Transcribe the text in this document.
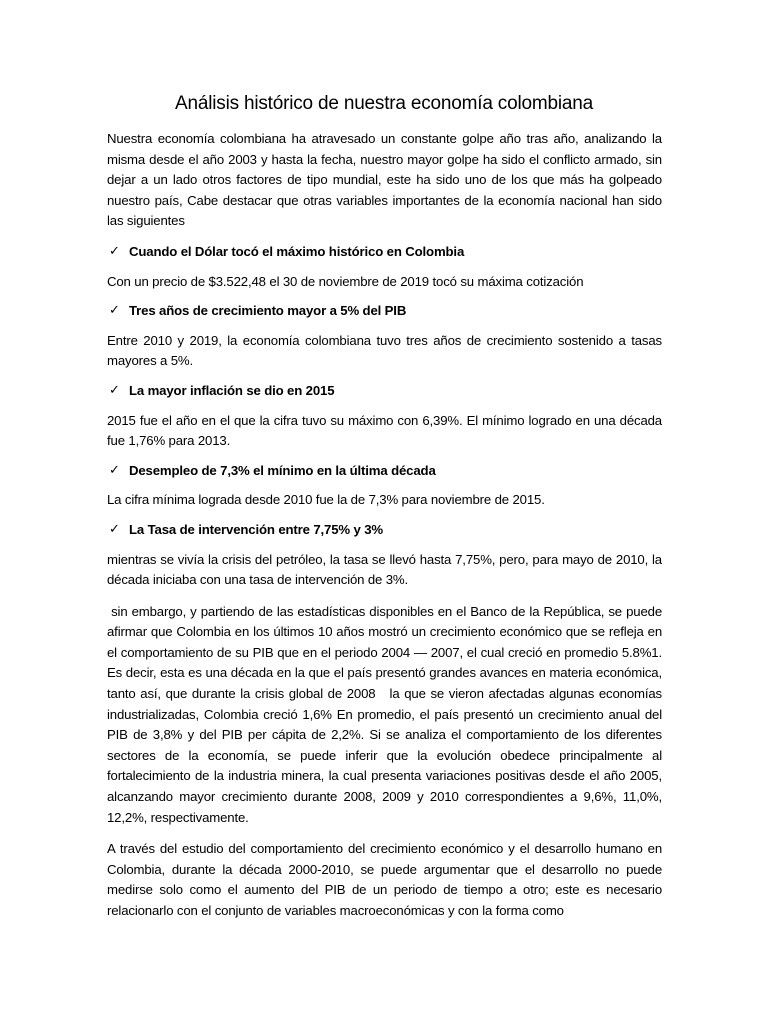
Análisis histórico de nuestra economía colombiana

Nuestra economía colombiana ha atravesado un constante golpe año tras año, analizando la misma desde el año 2003 y hasta la fecha, nuestro mayor golpe ha sido el conflicto armado, sin dejar a un lado otros factores de tipo mundial, este ha sido uno de los que más ha golpeado nuestro país, Cabe destacar que otras variables importantes de la economía nacional han sido las siguientes

✓ Cuando el Dólar tocó el máximo histórico en Colombia

Con un precio de $3.522,48 el 30 de noviembre de 2019 tocó su máxima cotización

✓ Tres años de crecimiento mayor a 5% del PIB

Entre 2010 y 2019, la economía colombiana tuvo tres años de crecimiento sostenido a tasas mayores a 5%.

✓ La mayor inflación se dio en 2015

2015 fue el año en el que la cifra tuvo su máximo con 6,39%. El mínimo logrado en una década fue 1,76% para 2013.

✓ Desempleo de 7,3% el mínimo en la última década

La cifra mínima lograda desde 2010 fue la de 7,3% para noviembre de 2015.

✓ La Tasa de intervención entre 7,75% y 3%

mientras se vivía la crisis del petróleo, la tasa se llevó hasta 7,75%, pero, para mayo de 2010, la década iniciaba con una tasa de intervención de 3%.

sin embargo, y partiendo de las estadísticas disponibles en el Banco de la República, se puede afirmar que Colombia en los últimos 10 años mostró un crecimiento económico que se refleja en el comportamiento de su PIB que en el periodo 2004 — 2007, el cual creció en promedio 5.8%1. Es decir, esta es una década en la que el país presentó grandes avances en materia económica, tanto así, que durante la crisis global de 2008   la que se vieron afectadas algunas economías industrializadas, Colombia creció 1,6% En promedio, el país presentó un crecimiento anual del PIB de 3,8% y del PIB per cápita de 2,2%. Si se analiza el comportamiento de los diferentes sectores de la economía, se puede inferir que la evolución obedece principalmente al fortalecimiento de la industria minera, la cual presenta variaciones positivas desde el año 2005, alcanzando mayor crecimiento durante 2008, 2009 y 2010 correspondientes a 9,6%, 11,0%, 12,2%, respectivamente.

A través del estudio del comportamiento del crecimiento económico y el desarrollo humano en Colombia, durante la década 2000-2010, se puede argumentar que el desarrollo no puede medirse solo como el aumento del PIB de un periodo de tiempo a otro; este es necesario relacionarlo con el conjunto de variables macroeconómicas y con la forma como
